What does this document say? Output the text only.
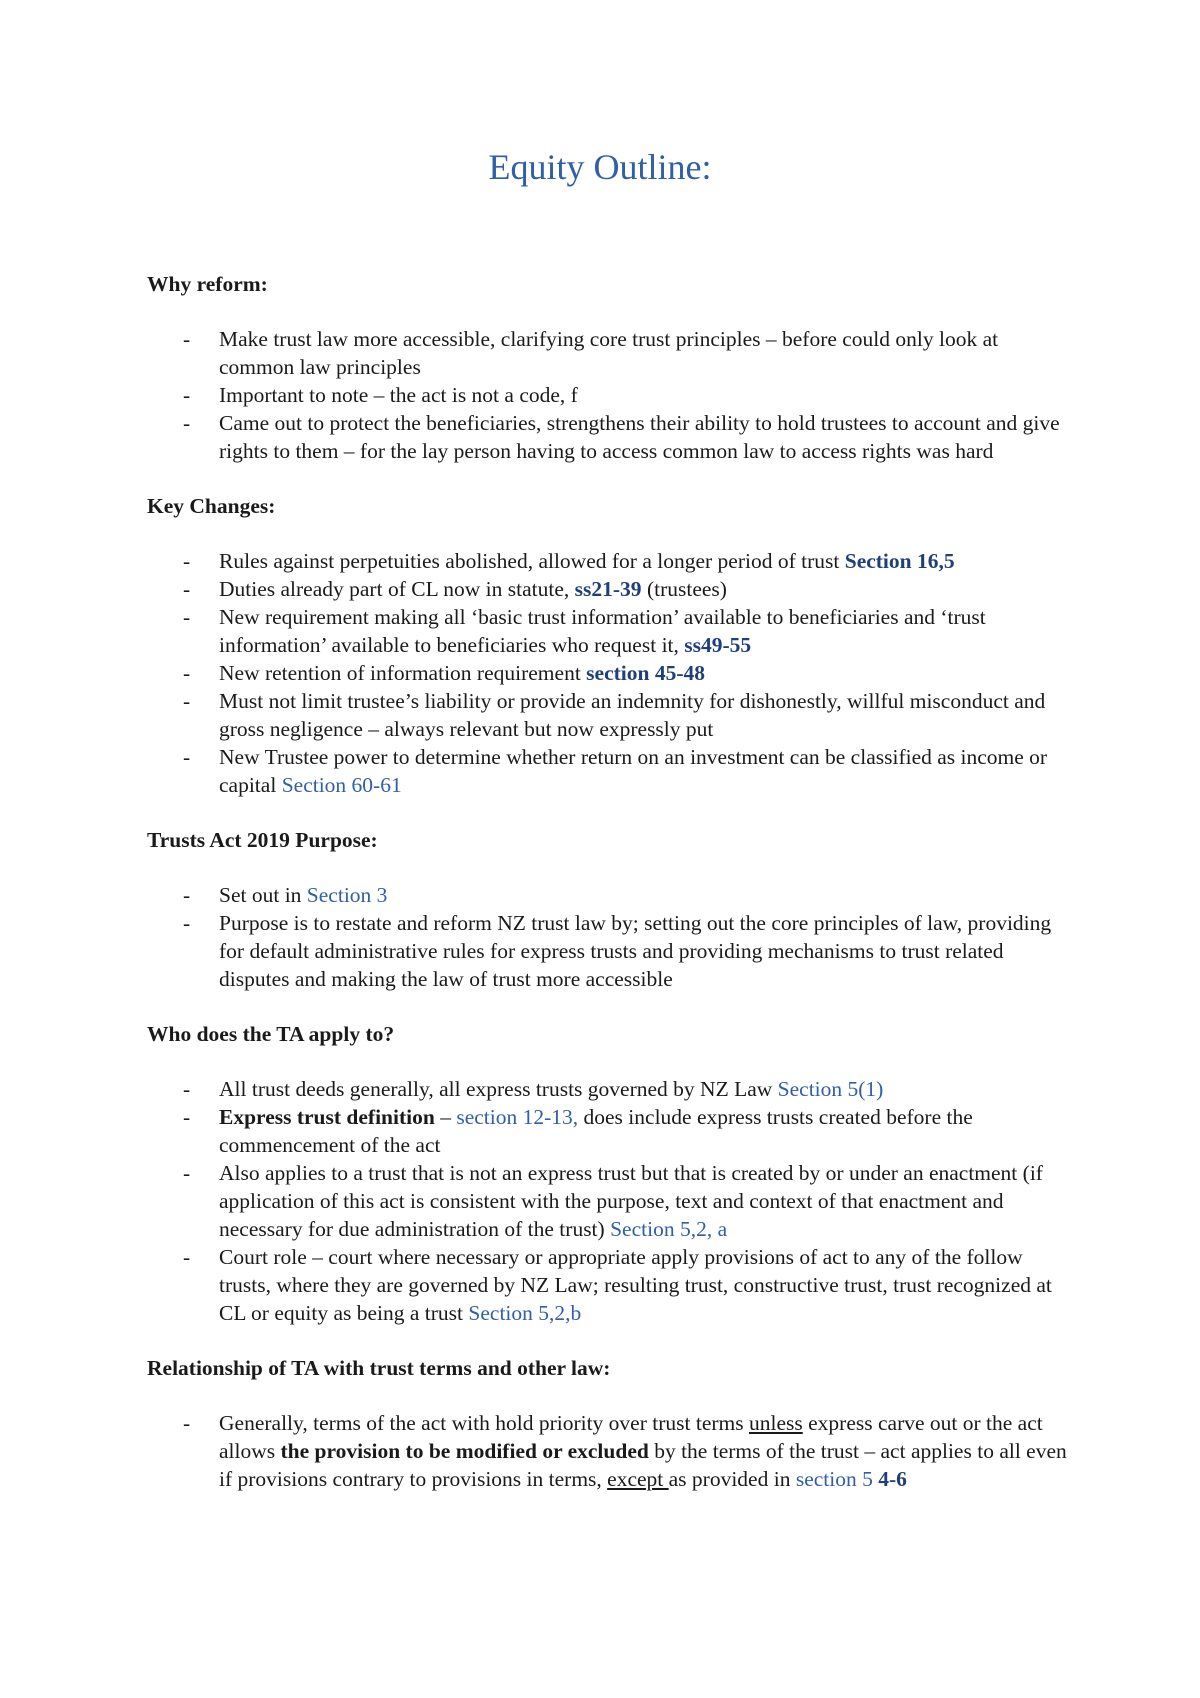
Equity Outline:
Why reform:
- Make trust law more accessible, clarifying core trust principles – before could only look at common law principles
- Important to note – the act is not a code, f
- Came out to protect the beneficiaries, strengthens their ability to hold trustees to account and give rights to them – for the lay person having to access common law to access rights was hard
Key Changes:
- Rules against perpetuities abolished, allowed for a longer period of trust Section 16,5
- Duties already part of CL now in statute, ss21-39 (trustees)
- New requirement making all ‘basic trust information’ available to beneficiaries and ‘trust information’ available to beneficiaries who request it, ss49-55
- New retention of information requirement section 45-48
- Must not limit trustee’s liability or provide an indemnity for dishonestly, willful misconduct and gross negligence – always relevant but now expressly put
- New Trustee power to determine whether return on an investment can be classified as income or capital Section 60-61
Trusts Act 2019 Purpose:
- Set out in Section 3
- Purpose is to restate and reform NZ trust law by; setting out the core principles of law, providing for default administrative rules for express trusts and providing mechanisms to trust related disputes and making the law of trust more accessible
Who does the TA apply to?
- All trust deeds generally, all express trusts governed by NZ Law Section 5(1)
- Express trust definition – section 12-13, does include express trusts created before the commencement of the act
- Also applies to a trust that is not an express trust but that is created by or under an enactment (if application of this act is consistent with the purpose, text and context of that enactment and necessary for due administration of the trust) Section 5,2, a
- Court role – court where necessary or appropriate apply provisions of act to any of the follow trusts, where they are governed by NZ Law; resulting trust, constructive trust, trust recognized at CL or equity as being a trust Section 5,2,b
Relationship of TA with trust terms and other law:
- Generally, terms of the act with hold priority over trust terms unless express carve out or the act allows the provision to be modified or excluded by the terms of the trust – act applies to all even if provisions contrary to provisions in terms, except as provided in section 5 4-6
